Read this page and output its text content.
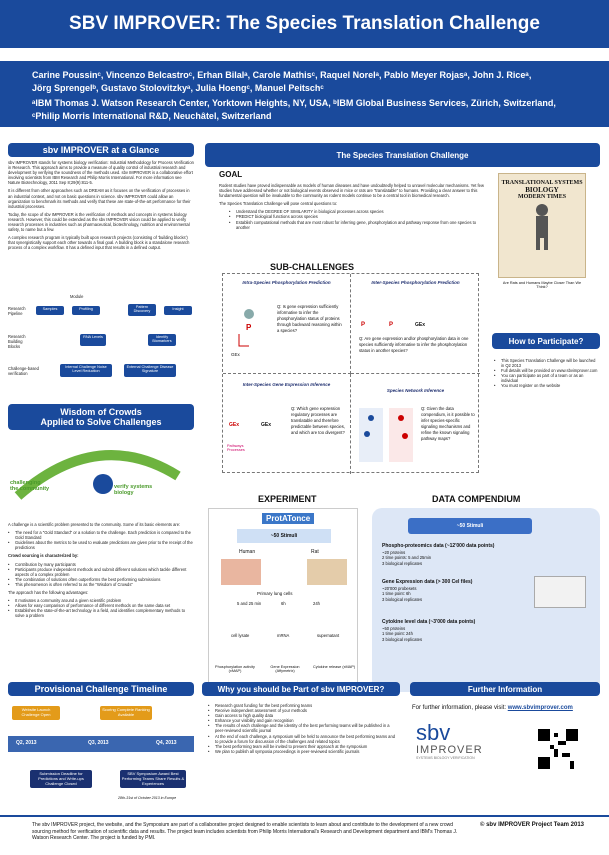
SBV IMPROVER: The Species Translation Challenge
Carine Poussinᶜ, Vincenzo Belcastroᶜ, Erhan Bilalᵃ, Carole Mathisᶜ, Raquel Norelᵃ, Pablo Meyer Rojasᵃ, John J. Riceᵃ,
Jörg Sprengelᵇ, Gustavo Stolovitzkyᵃ, Julia Hoengᶜ, Manuel Peitschᶜ
ᵃIBM Thomas J. Watson Research Center, Yorktown Heights, NY, USA, ᵇIBM Global Business Services, Zürich, Switzerland,
ᶜPhilip Morris International R&D, Neuchâtel, Switzerland
sbv IMPROVER at a Glance

sbv IMPROVER stands for systems biology verification: Industrial Methodology for Process Verification in Research. This approach aims to provide a measure of quality control of industrial research and development by verifying the soundness of the methods used. sbv IMPROVER is a collaborative effort involving scientists from IBM Research and Philip Morris International. For more information see Nature Biotechnology, 2011 Sep 8;29(9):811-5.

It is different from other approaches such as DREAM as it focuses on the verification of processes in an industrial context, and not on basic questions in science. sbv IMPROVER could allow an organization to benchmark its methods and verify that these are state-of-the-art performance for their industrial processes.

Today, the scope of sbv IMPROVER is the verification of methods and concepts in systems biology research. However, this could be extended as the sbv IMPROVER vision could be applied to verify research processes in industries such as pharmaceutical, biotechnology, nutrition and environmental safety, to name but a few.

A complex research program is typically built upon research projects (consisting of 'building blocks') that synergistically support each other towards a final goal. A building block is a standalone research process of a complex workflow. It has a defined input that results in a defined output.

Module
Research Pipeline
Samples	Profiling	Pattern Discovery	Insight
Research Building Blocks
RNA Levels	Identify Biomarkers
Challenge-based verification
Internal Challenge Noise Level Reduction
External Challenge Disease Signature
Wisdom of Crowds
Applied to Solve Challenges
challenging the community	verify systems biology

A challenge is a scientific problem presented to the community. Some of its basic elements are:

• The need for a "Gold Standard" or a solution to the challenge. Each prediction is compared to the Gold Standard
• Guidelines about the metrics to be used to evaluate predictions are given prior to the receipt of the predictions

Crowd sourcing is characterized by:

• Contribution by many participants
• Participants produce independent methods and submit different solutions which tackle different aspects of a complex problem
• The combination of solutions often outperforms the best performing submissions
• This phenomenon is often referred to as the "Wisdom of Crowds"

The approach has the following advantages:

• It motivates a community around a given scientific problem
• Allows for easy comparison of performance of different methods on the same data set
• Establishes the state-of-the-art technology in a field, and identifies complementary methods to solve a problem
The Species Translation Challenge
GOAL

Rodent studies have proved indispensable as models of human diseases and have undoubtedly helped to unravel molecular mechanisms. Yet few studies have addressed whether or not biological events observed in mice or rats are "translatable" to humans. Providing a clear answer to this fundamental question will be invaluable to the community as rodent models continue to be a central tool in biomedical research.

The Species Translation Challenge will pose central questions to:

• Understand the DEGREE OF SIMILARITY in biological processes across species
• PREDICT biological functions across species
• Establish computational methods that are most robust for inferring gene, phosphorylation and pathway response from one species to another
TRANSLATIONAL SYSTEMS
BIOLOGY
MODERN TIMES
Are Rats and Humans Maybe Closer Than We Think?
SUB-CHALLENGES
Intra-Species Phosphorylation Prediction
P
GEx
Q: Is gene expression sufficiently informative to infer the phosphorylation status of proteins through backward reasoning within a species?
Inter-Species Phosphorylation Prediction
P	P	GEx
Q: Are gene expression and/or phosphorylation data in one species sufficiently informative to infer the phosphorylation status in another species?
Inter-Species Gene Expression Inference
GEx	GEx
Pathways Processes
Q: Which gene expression regulatory processes are translatable and therefore predictable between species, and which are too divergent?
Species Network Inference
Q: Given the data compendium, is it possible to infer species-specific signaling mechanisms and refine the known signaling pathway maps?
How to Participate?
• This Species Translation Challenge will be launched in Q2 2013
• Full details will be provided on www.sbvimprover.com
• You can participate as part of a team or as an individual
• You must register on the website
EXPERIMENT
ProtATonce
~50 Stimuli
Human	Rat
Primary lung cells
5 and 25 min	6h	24h
cell lysate	mRNA	supernatant
Phosphorylation activity (xMAP)
Gene Expression (Affymetrix)
Cytokine release (xMAP)
DATA COMPENDIUM
~50 Stimuli
Phospho-proteomics data (~12'000 data points)
~20 proteins
2 time points: 5 and 25min
3 biological replicates
Gene Expression data (> 300 Cel files)
~20'000 probesets
1 time point: 6h
3 biological replicates
Cytokine level data (~3'000 data points)
~50 proteins
1 time point: 24h
3 biological replicates
Provisional Challenge Timeline
Website Launch Challenge Open
Scoring Complete Ranking Available
Q2, 2013	Q3, 2013	Q4, 2013
Submission Deadline for Predictions and Write-ups Challenge Closed
SBV Symposium Award Best Performing Teams Share Results & Experiences
28th-31st of October 2013 in Europe
Why you should be Part of sbv IMPROVER?
• Research grant funding for the best performing teams
• Receive independent assessment of your methods
• Gain access to high quality data
• Enhance your visibility and gain recognition
• The results of each challenge and the identity of the best performing teams will be published in a peer-reviewed scientific journal
• At the end of each challenge, a symposium will be held to announce the best performing teams and to provide a forum for discussion of the challenges and related topics
• The best performing team will be invited to present their approach at the symposium
• We plan to publish all symposia proceedings in peer-reviewed scientific journals
Further Information
For further information, please visit: www.sbvimprover.com
sbv
IMPROVER
SYSTEMS BIOLOGY VERIFICATION
The sbv IMPROVER project, the website, and the Symposium are part of a collaborative project designed to enable scientists to learn about and contribute to the development of a new crowd sourcing method for verification of scientific data and results. The project team includes scientists from Philip Morris International's Research and Development department and IBM's Thomas J. Watson Research Center. The project is funded by PMI.
© sbv IMPROVER Project Team 2013
